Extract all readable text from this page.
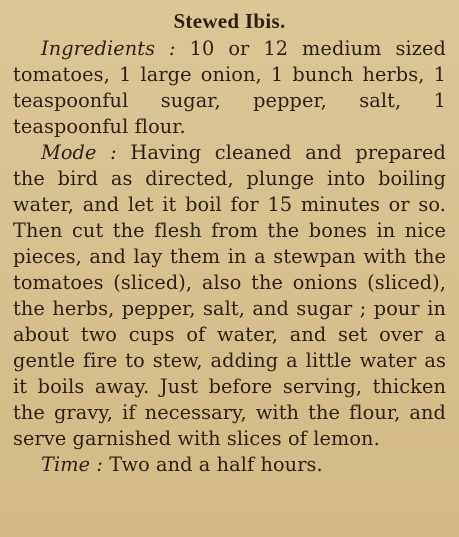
Stewed Ibis.

Ingredients : 10 or 12 medium sized tomatoes, 1 large onion, 1 bunch herbs, 1 teaspoonful sugar, pepper, salt, 1 teaspoonful flour.

Mode : Having cleaned and prepared the bird as directed, plunge into boiling water, and let it boil for 15 minutes or so. Then cut the flesh from the bones in nice pieces, and lay them in a stewpan with the tomatoes (sliced), also the onions (sliced), the herbs, pepper, salt, and sugar ; pour in about two cups of water, and set over a gentle fire to stew, adding a little water as it boils away. Just before serving, thicken the gravy, if necessary, with the flour, and serve garnished with slices of lemon.

Time : Two and a half hours.
